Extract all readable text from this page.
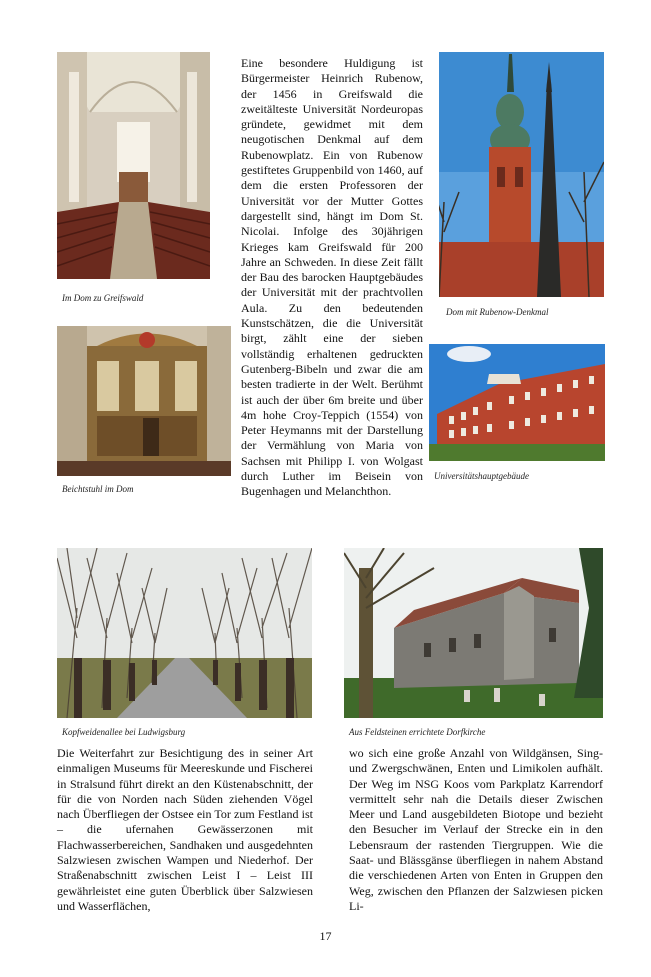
Im Dom zu Greifswald
Beichtstuhl im Dom
Eine besondere Huldigung ist Bürgermeister Heinrich Rubenow, der 1456 in Greifswald die zweitälteste Universität Nordeuropas gründete, gewidmet mit dem neugotischen Denkmal auf dem Rubenowplatz. Ein von Rubenow gestiftetes Gruppenbild von 1460, auf dem die ersten Professoren der Universität vor der Mutter Gottes dargestellt sind, hängt im Dom St. Nicolai. Infolge des 30jährigen Krieges kam Greifswald für 200 Jahre an Schweden. In diese Zeit fällt der Bau des barocken Hauptgebäudes der Universität mit der prachtvollen Aula. Zu den bedeutenden Kunstschätzen, die die Universität birgt, zählt eine der sieben vollständig erhaltenen gedruckten Gutenberg-Bibeln und zwar die am besten tradierte in der Welt. Berühmt ist auch der über 6m breite und über 4m hohe Croy-Teppich (1554) von Peter Heymanns mit der Darstellung der Vermählung von Maria von Sachsen mit Philipp I. von Wolgast durch Luther im Beisein von Bugenhagen und Melanchthon.
Dom mit Rubenow-Denkmal
Universitätshauptgebäude
Kopfweidenallee bei Ludwigsburg	Aus Feldsteinen errichtete Dorfkirche
Die Weiterfahrt zur Besichtigung des in seiner Art einmaligen Museums für Meereskunde und Fischerei in Stralsund führt direkt an den Küstenabschnitt, der für die von Norden nach Süden ziehenden Vögel nach Überfliegen der Ostsee ein Tor zum Festland ist – die ufernahen Gewässerzonen mit Flachwasserbereichen, Sandhaken und ausgedehnten Salzwiesen zwischen Wampen und Niederhof. Der Straßenabschnitt zwischen Leist I – Leist III gewährleistet eine guten Überblick über Salzwiesen und Wasserflächen,
wo sich eine große Anzahl von Wildgänsen, Sing- und Zwergschwänen, Enten und Limikolen aufhält. Der Weg im NSG Koos vom Parkplatz Karrendorf vermittelt sehr nah die Details dieser Zwischen Meer und Land ausgebildeten Biotope und bezieht den Besucher im Verlauf der Strecke ein in den Lebensraum der rastenden Tiergruppen. Wie die Saat- und Blässgänse überfliegen in nahem Abstand die verschiedenen Arten von Enten in Gruppen den Weg, zwischen den Pflanzen der Salzwiesen picken Li-
17
